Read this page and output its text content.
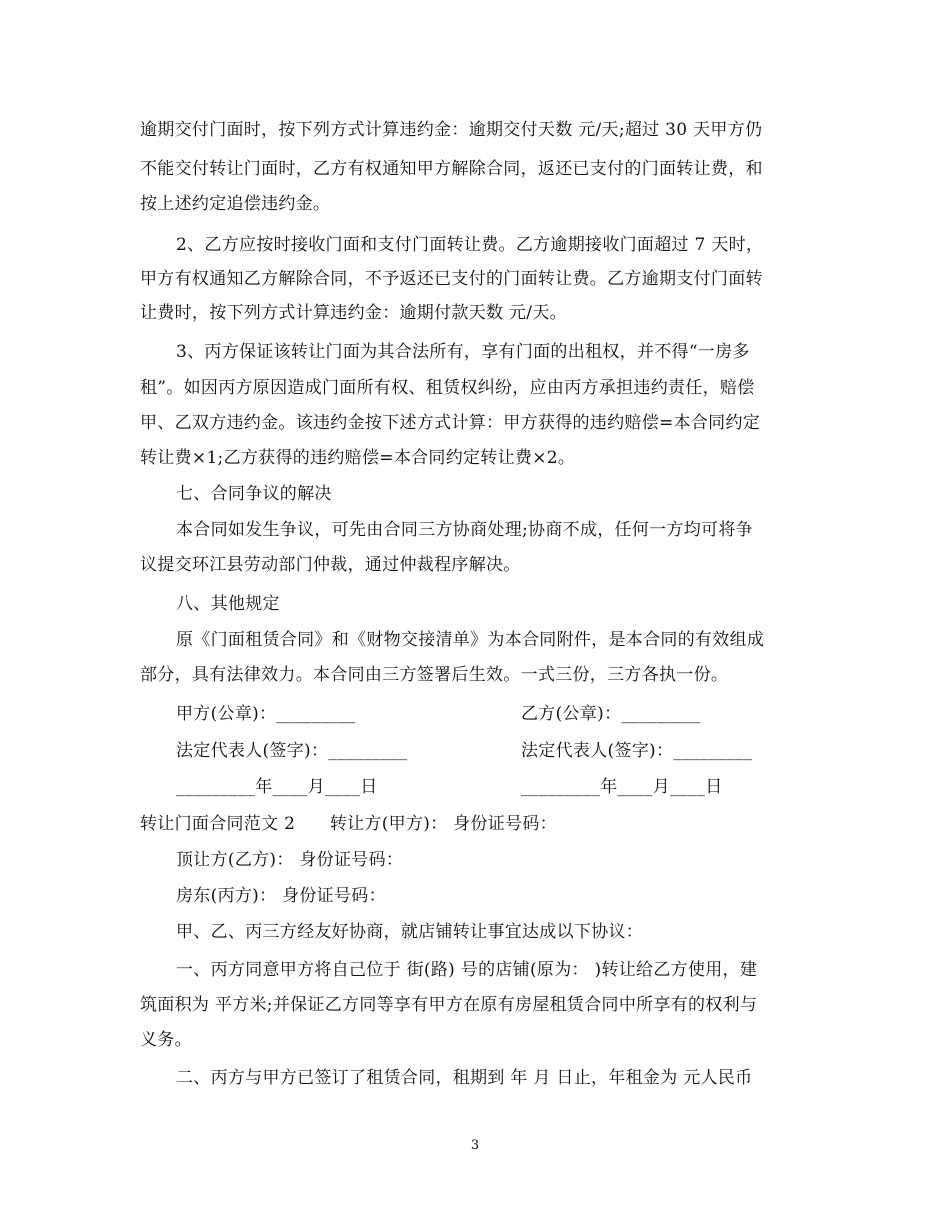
逾期交付门面时，按下列方式计算违约金：逾期交付天数 元/天;超过 30 天甲方仍
不能交付转让门面时，乙方有权通知甲方解除合同，返还已支付的门面转让费，和
按上述约定追偿违约金。
2、乙方应按时接收门面和支付门面转让费。乙方逾期接收门面超过 7 天时，
甲方有权通知乙方解除合同，不予返还已支付的门面转让费。乙方逾期支付门面转
让费时，按下列方式计算违约金：逾期付款天数 元/天。
3、丙方保证该转让门面为其合法所有，享有门面的出租权，并不得“一房多
租”。如因丙方原因造成门面所有权、租赁权纠纷，应由丙方承担违约责任，赔偿
甲、乙双方违约金。该违约金按下述方式计算：甲方获得的违约赔偿=本合同约定
转让费×1;乙方获得的违约赔偿=本合同约定转让费×2。
七、合同争议的解决
本合同如发生争议，可先由合同三方协商处理;协商不成，任何一方均可将争
议提交环江县劳动部门仲裁，通过仲裁程序解决。
八、其他规定
原《门面租赁合同》和《财物交接清单》为本合同附件，是本合同的有效组成
部分，具有法律效力。本合同由三方签署后生效。一式三份，三方各执一份。
甲方(公章)：_________	乙方(公章)：_________
法定代表人(签字)：_________	法定代表人(签字)：_________
_________年____月____日	_________年____月____日
转让门面合同范文 2　　转让方(甲方)： 身份证号码：
顶让方(乙方)： 身份证号码：
房东(丙方)： 身份证号码：
甲、乙、丙三方经友好协商，就店铺转让事宜达成以下协议：
一、丙方同意甲方将自己位于 街(路) 号的店铺(原为： )转让给乙方使用，建
筑面积为 平方米;并保证乙方同等享有甲方在原有房屋租赁合同中所享有的权利与
义务。
二、丙方与甲方已签订了租赁合同，租期到 年 月 日止，年租金为 元人民币
3
